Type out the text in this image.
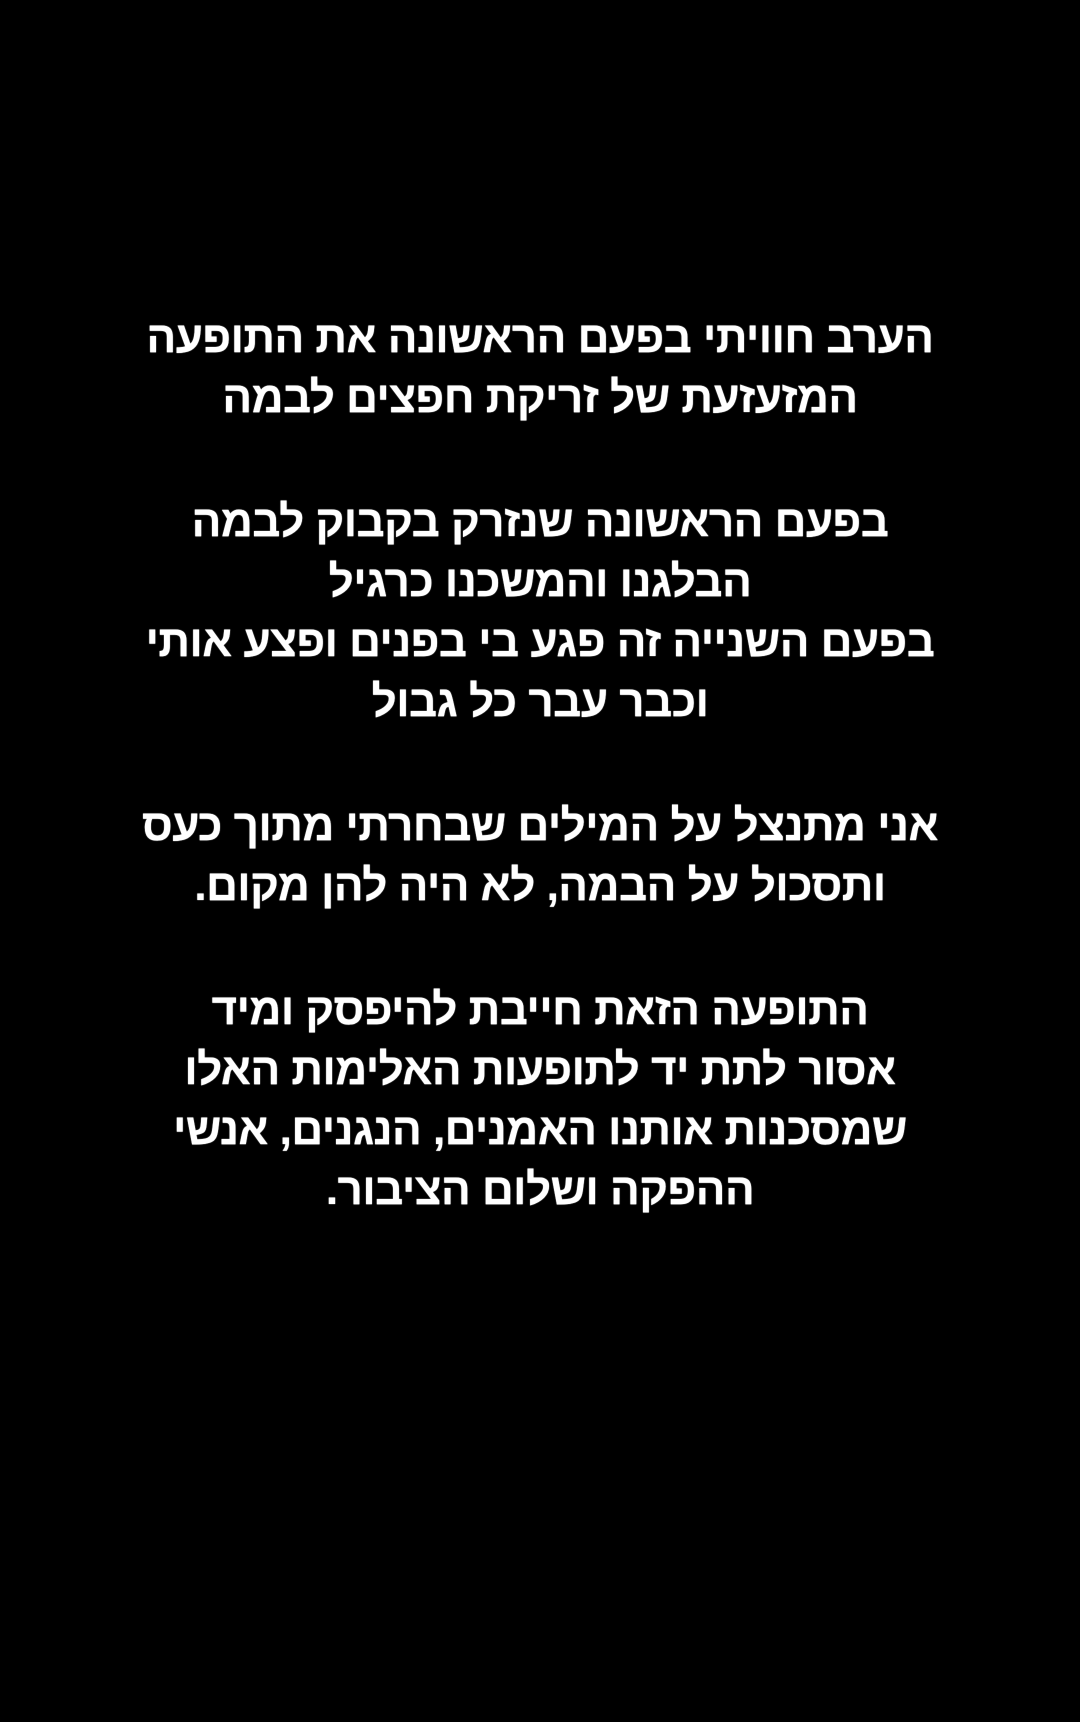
הערב חוויתי בפעם הראשונה את התופעה
המזעזעת של זריקת חפצים לבמה
בפעם הראשונה שנזרק בקבוק לבמה
הבלגנו והמשכנו כרגיל
בפעם השנייה זה פגע בי בפנים ופצע אותי
וכבר עבר כל גבול
אני מתנצל על המילים שבחרתי מתוך כעס
ותסכול על הבמה, לא היה להן מקום.
התופעה הזאת חייבת להיפסק ומיד
אסור לתת יד לתופעות האלימות האלו
שמסכנות אותנו האמנים, הנגנים, אנשי
ההפקה ושלום הציבור.
